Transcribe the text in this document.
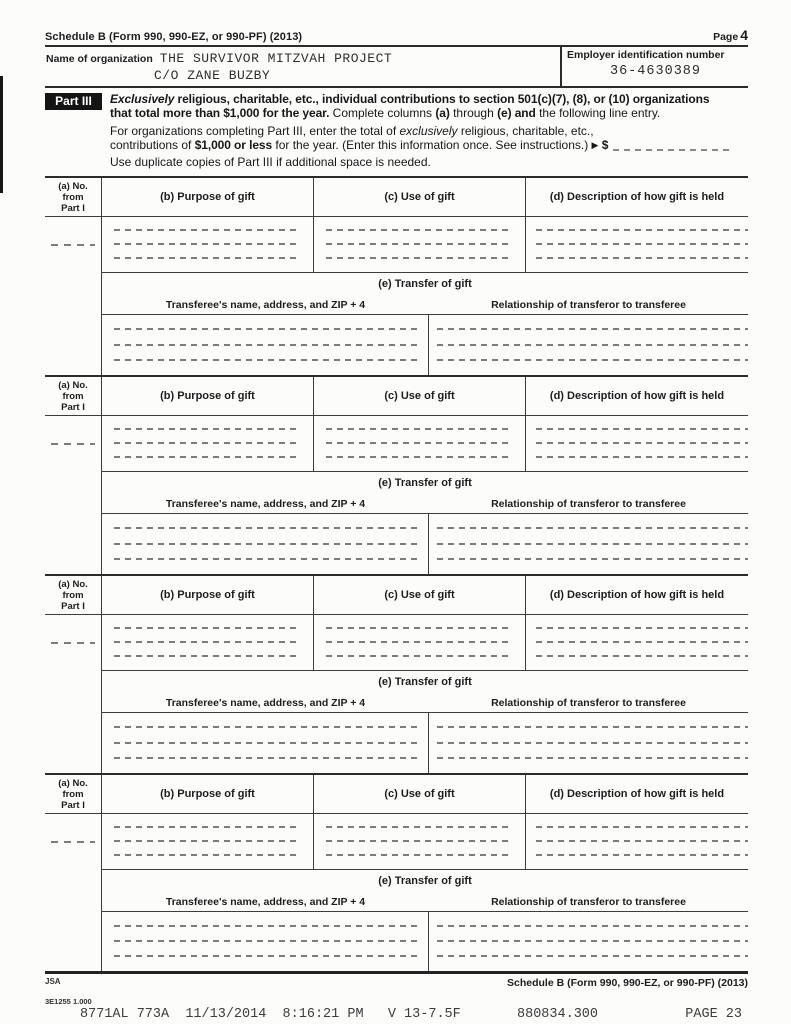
Schedule B (Form 990, 990-EZ, or 990-PF) (2013)	Page 4
Name of organization THE SURVIVOR MITZVAH PROJECT
C/O ZANE BUZBY
Employer identification number
36-4630389
Part III	Exclusively religious, charitable, etc., individual contributions to section 501(c)(7), (8), or (10) organizations
that total more than $1,000 for the year. Complete columns (a) through (e) and the following line entry.
For organizations completing Part III, enter the total of exclusively religious, charitable, etc.,
contributions of $1,000 or less for the year. (Enter this information once. See instructions.) ▶ $
Use duplicate copies of Part III if additional space is needed.
(a) No.
from
Part I
(b) Purpose of gift	(c) Use of gift	(d) Description of how gift is held
(e) Transfer of gift
Transferee's name, address, and ZIP + 4	Relationship of transferor to transferee
(a) No.
from
Part I
(b) Purpose of gift	(c) Use of gift	(d) Description of how gift is held
(e) Transfer of gift
Transferee's name, address, and ZIP + 4	Relationship of transferor to transferee
(a) No.
from
Part I
(b) Purpose of gift	(c) Use of gift	(d) Description of how gift is held
(e) Transfer of gift
Transferee's name, address, and ZIP + 4	Relationship of transferor to transferee
(a) No.
from
Part I
(b) Purpose of gift	(c) Use of gift	(d) Description of how gift is held
(e) Transfer of gift
Transferee's name, address, and ZIP + 4	Relationship of transferor to transferee
JSA	Schedule B (Form 990, 990-EZ, or 990-PF) (2013)
3E1255 1.000

8771AL 773A  11/13/2014  8:16:21 PM   V 13-7.5F

	880834.300

	PAGE 23
